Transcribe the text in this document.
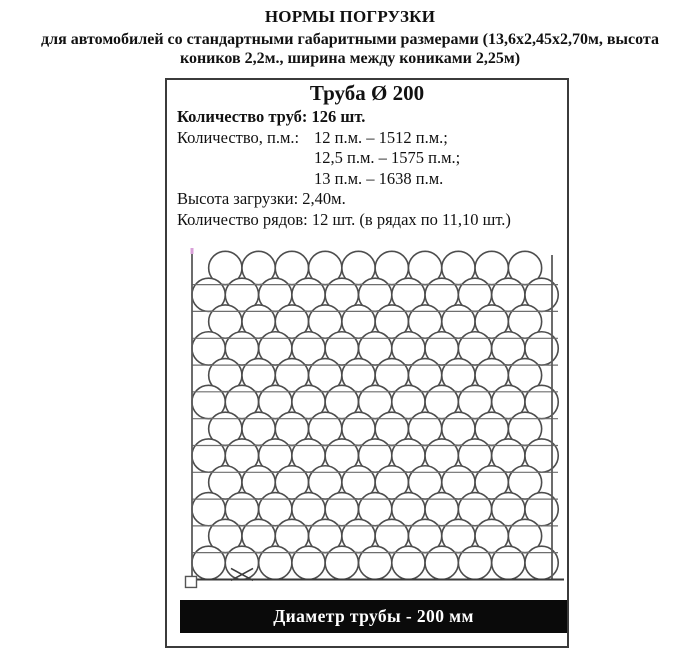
НОРМЫ ПОГРУЗКИ
для автомобилей со стандартными габаритными размерами (13,6х2,45х2,70м, высота
коников 2,2м., ширина между кониками 2,25м)
Труба Ø 200
Количество труб: 126 шт.
Количество, п.м.: 12 п.м. – 1512 п.м.;
12,5 п.м. – 1575 п.м.;
13 п.м. – 1638 п.м.
Высота загрузки: 2,40м.
Количество рядов: 12 шт. (в рядах по 11,10 шт.)
Диаметр трубы - 200 мм
